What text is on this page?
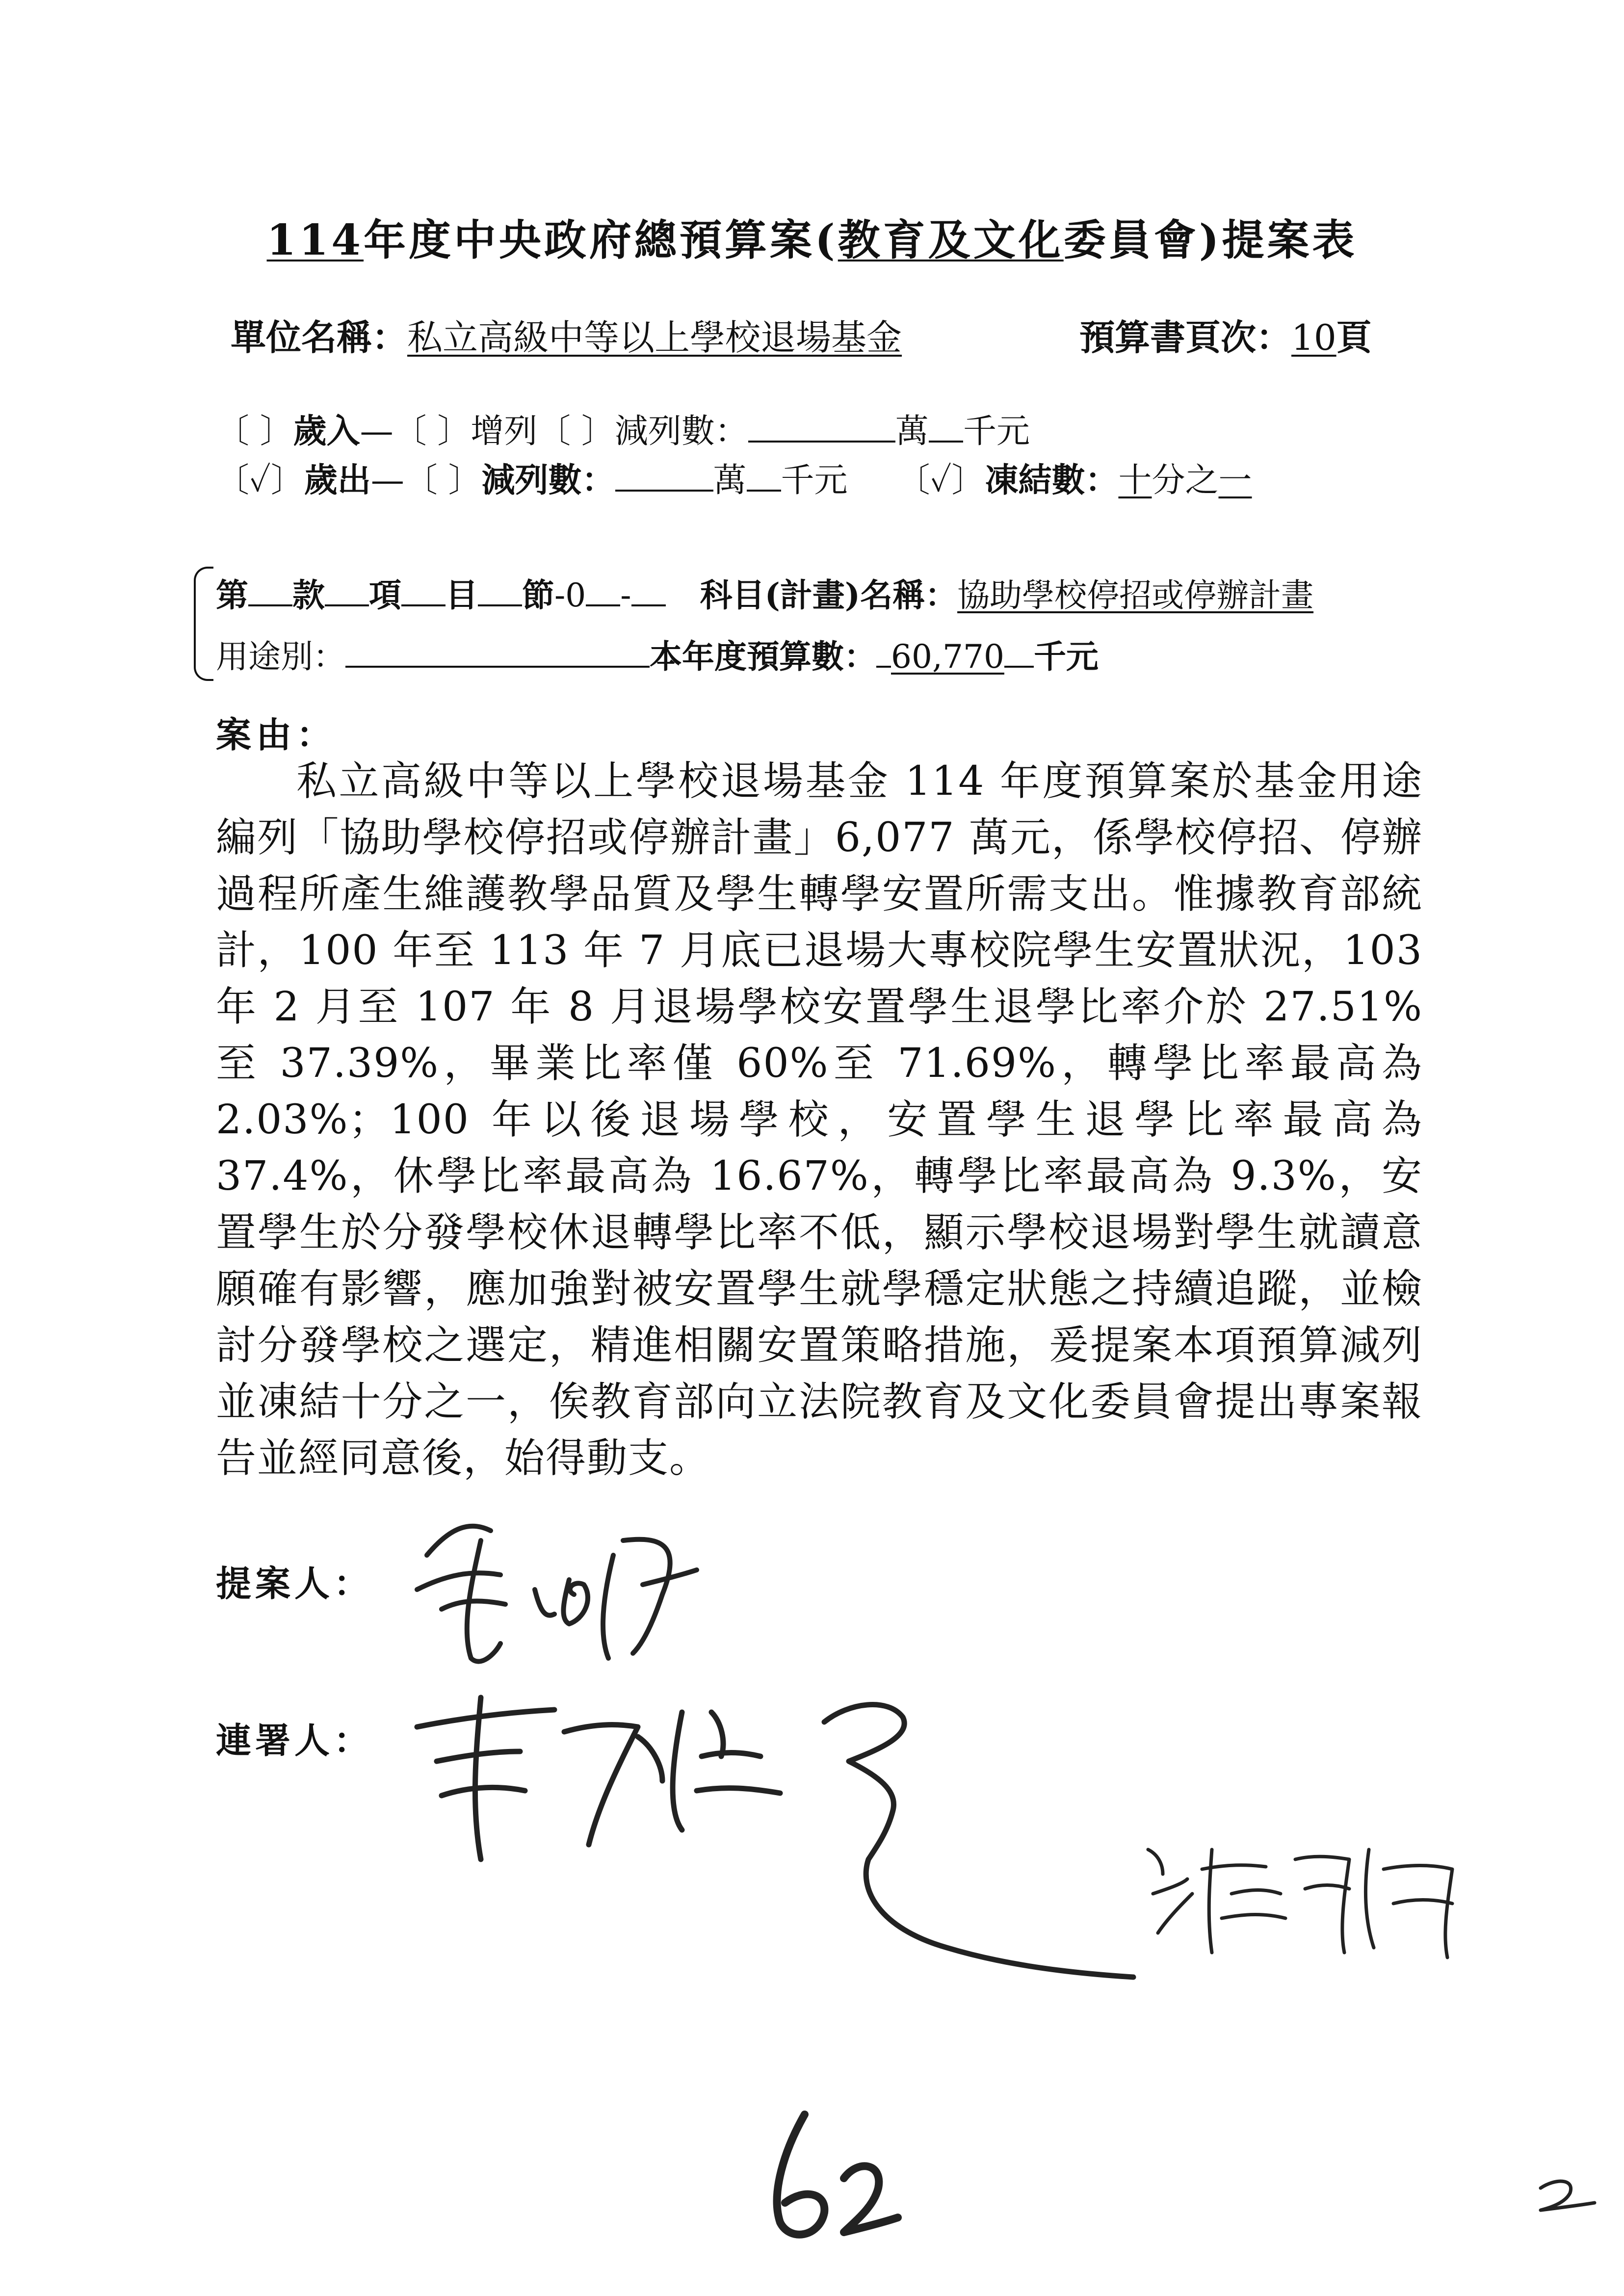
114年度中央政府總預算案(教育及文化委員會)提案表
單位名稱：私立高級中等以上學校退場基金	預算書頁次：10頁
〔 〕歲入—〔 〕增列〔 〕減列數：	萬 千元
〔✓〕歲出—〔 〕減列數：	萬 千元 〔✓〕凍結數：十分之一
第 款 項 目 節-0 - 科目(計畫)名稱：協助學校停招或停辦計畫
用途別：	本年度預算數： 60,770 千元
案由：

私立高級中等以上學校退場基金 114 年度預算案於基金用途編列「協助學校停招或停辦計畫」6,077 萬元，係學校停招、停辦過程所產生維護教學品質及學生轉學安置所需支出。惟據教育部統計，100 年至 113 年 7 月底已退場大專校院學生安置狀況，103 年 2 月至 107 年 8 月退場學校安置學生退學比率介於 27.51%至 37.39%，畢業比率僅 60%至 71.69%，轉學比率最高為 2.03%；100 年以後退場學校，安置學生退學比率最高為 37.4%，休學比率最高為 16.67%，轉學比率最高為 9.3%，安置學生於分發學校休退轉學比率不低，顯示學校退場對學生就讀意願確有影響，應加強對被安置學生就學穩定狀態之持續追蹤，並檢討分發學校之選定，精進相關安置策略措施，爰提案本項預算減列並凍結十分之一，俟教育部向立法院教育及文化委員會提出專案報告並經同意後，始得動支。

提案人：
連署人：
